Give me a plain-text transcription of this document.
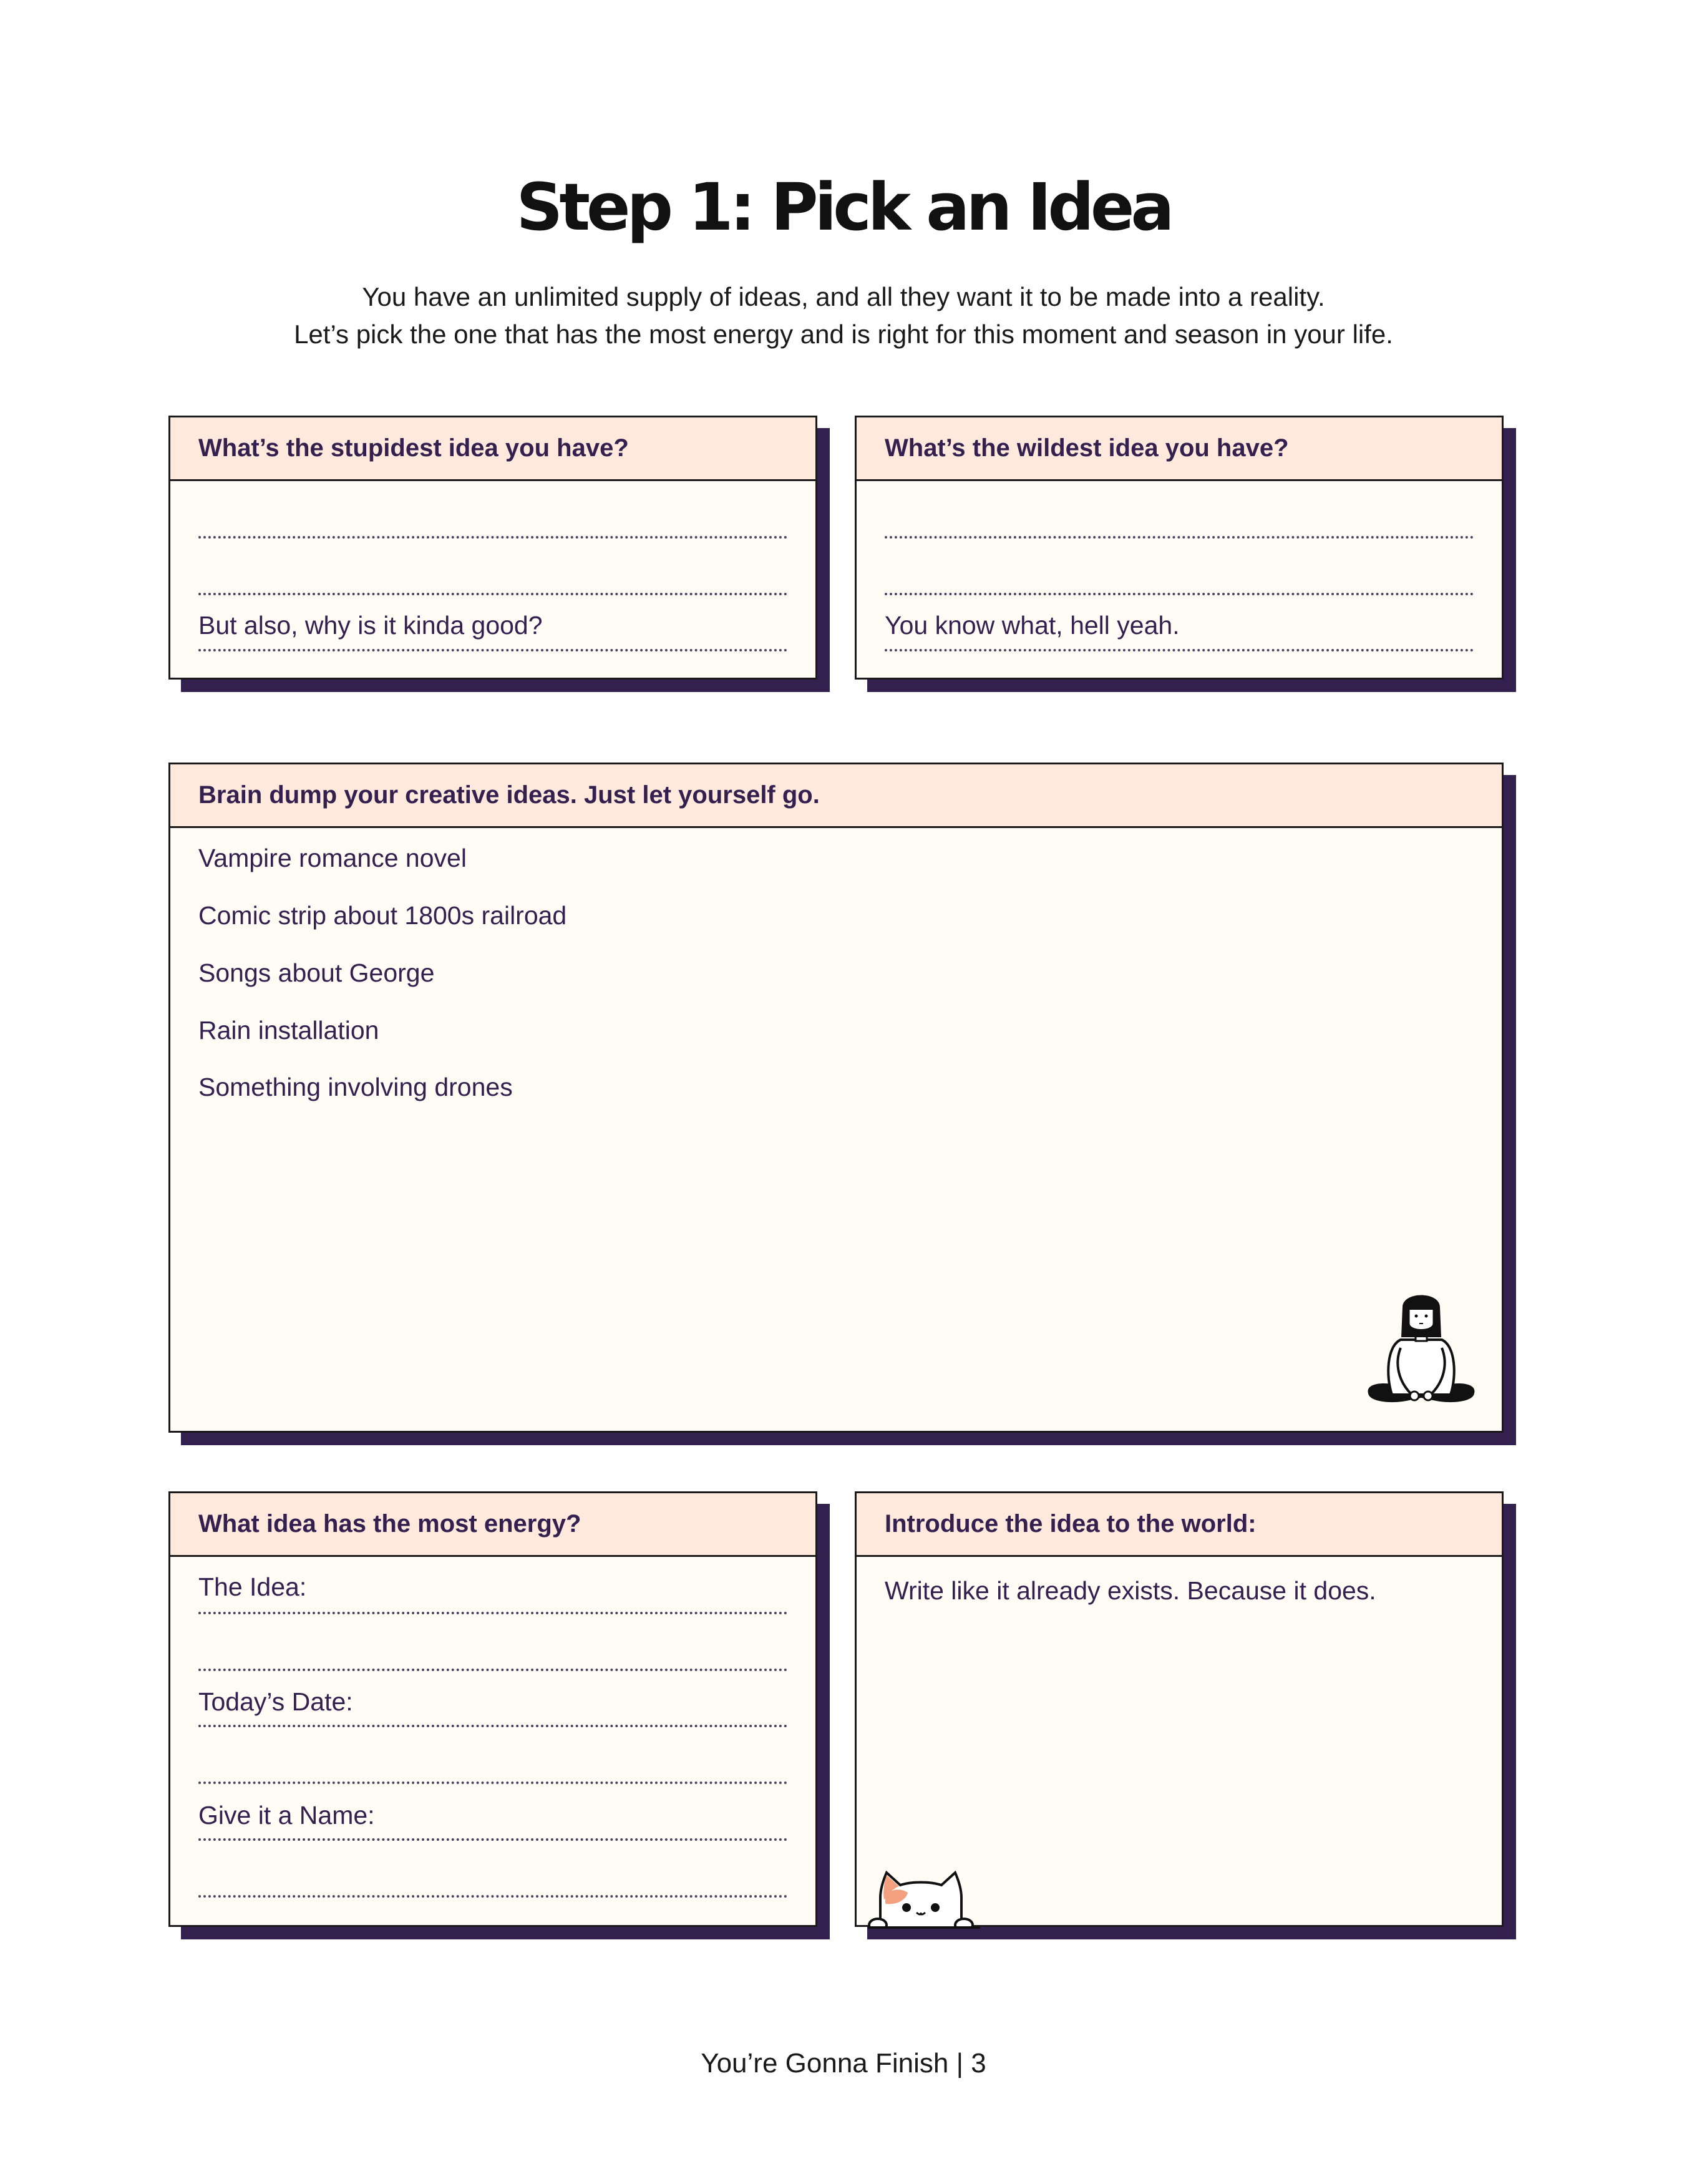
Step 1: Pick an Idea
You have an unlimited supply of ideas, and all they want it to be made into a reality.
Let’s pick the one that has the most energy and is right for this moment and season in your life.
What’s the stupidest idea you have?
But also, why is it kinda good?
What’s the wildest idea you have?
You know what, hell yeah.
Brain dump your creative ideas. Just let yourself go.
Vampire romance novel
Comic strip about 1800s railroad
Songs about George
Rain installation
Something involving drones
What idea has the most energy?
The Idea:
Today’s Date:
Give it a Name:
Introduce the idea to the world:
Write like it already exists. Because it does.
You’re Gonna Finish | 3
